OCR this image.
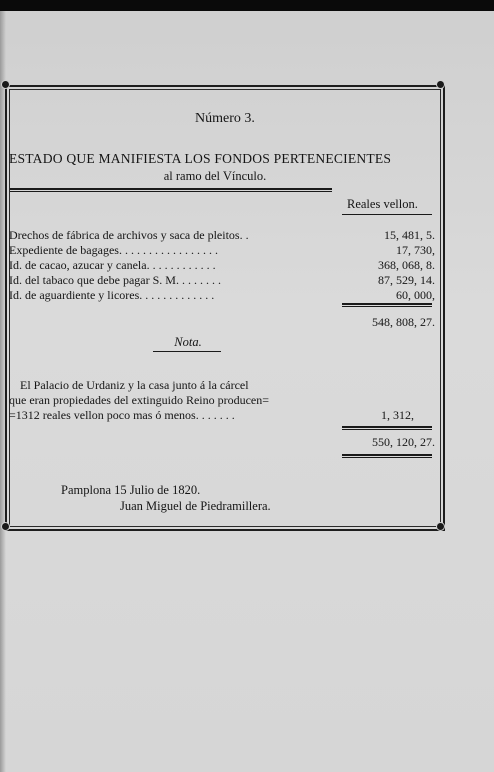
Número 3.
ESTADO QUE MANIFIESTA LOS FONDOS PERTENECIENTES
al ramo del Vínculo.
Reales vellon.
Drechos de fábrica de archivos y saca de pleitos. .	15, 481, 5.
Expediente de bagages. . . . . . . . . . . . . . . . .	17, 730,
Id. de cacao, azucar y canela. . . . . . . . . . . .	368, 068, 8.
Id. del tabaco que debe pagar S. M. . . . . . . .	87, 529, 14.
Id. de aguardiente y licores. . . . . . . . . . . . .	60, 000,
548, 808, 27.
Nota.
El Palacio de Urdaniz y la casa junto á la cárcel
que eran propiedades del extinguido Reino producen=
=1312 reales vellon poco mas ó menos. . . . . . .	1, 312,
550, 120, 27.
Pamplona 15 Julio de 1820.
Juan Miguel de Piedramillera.
